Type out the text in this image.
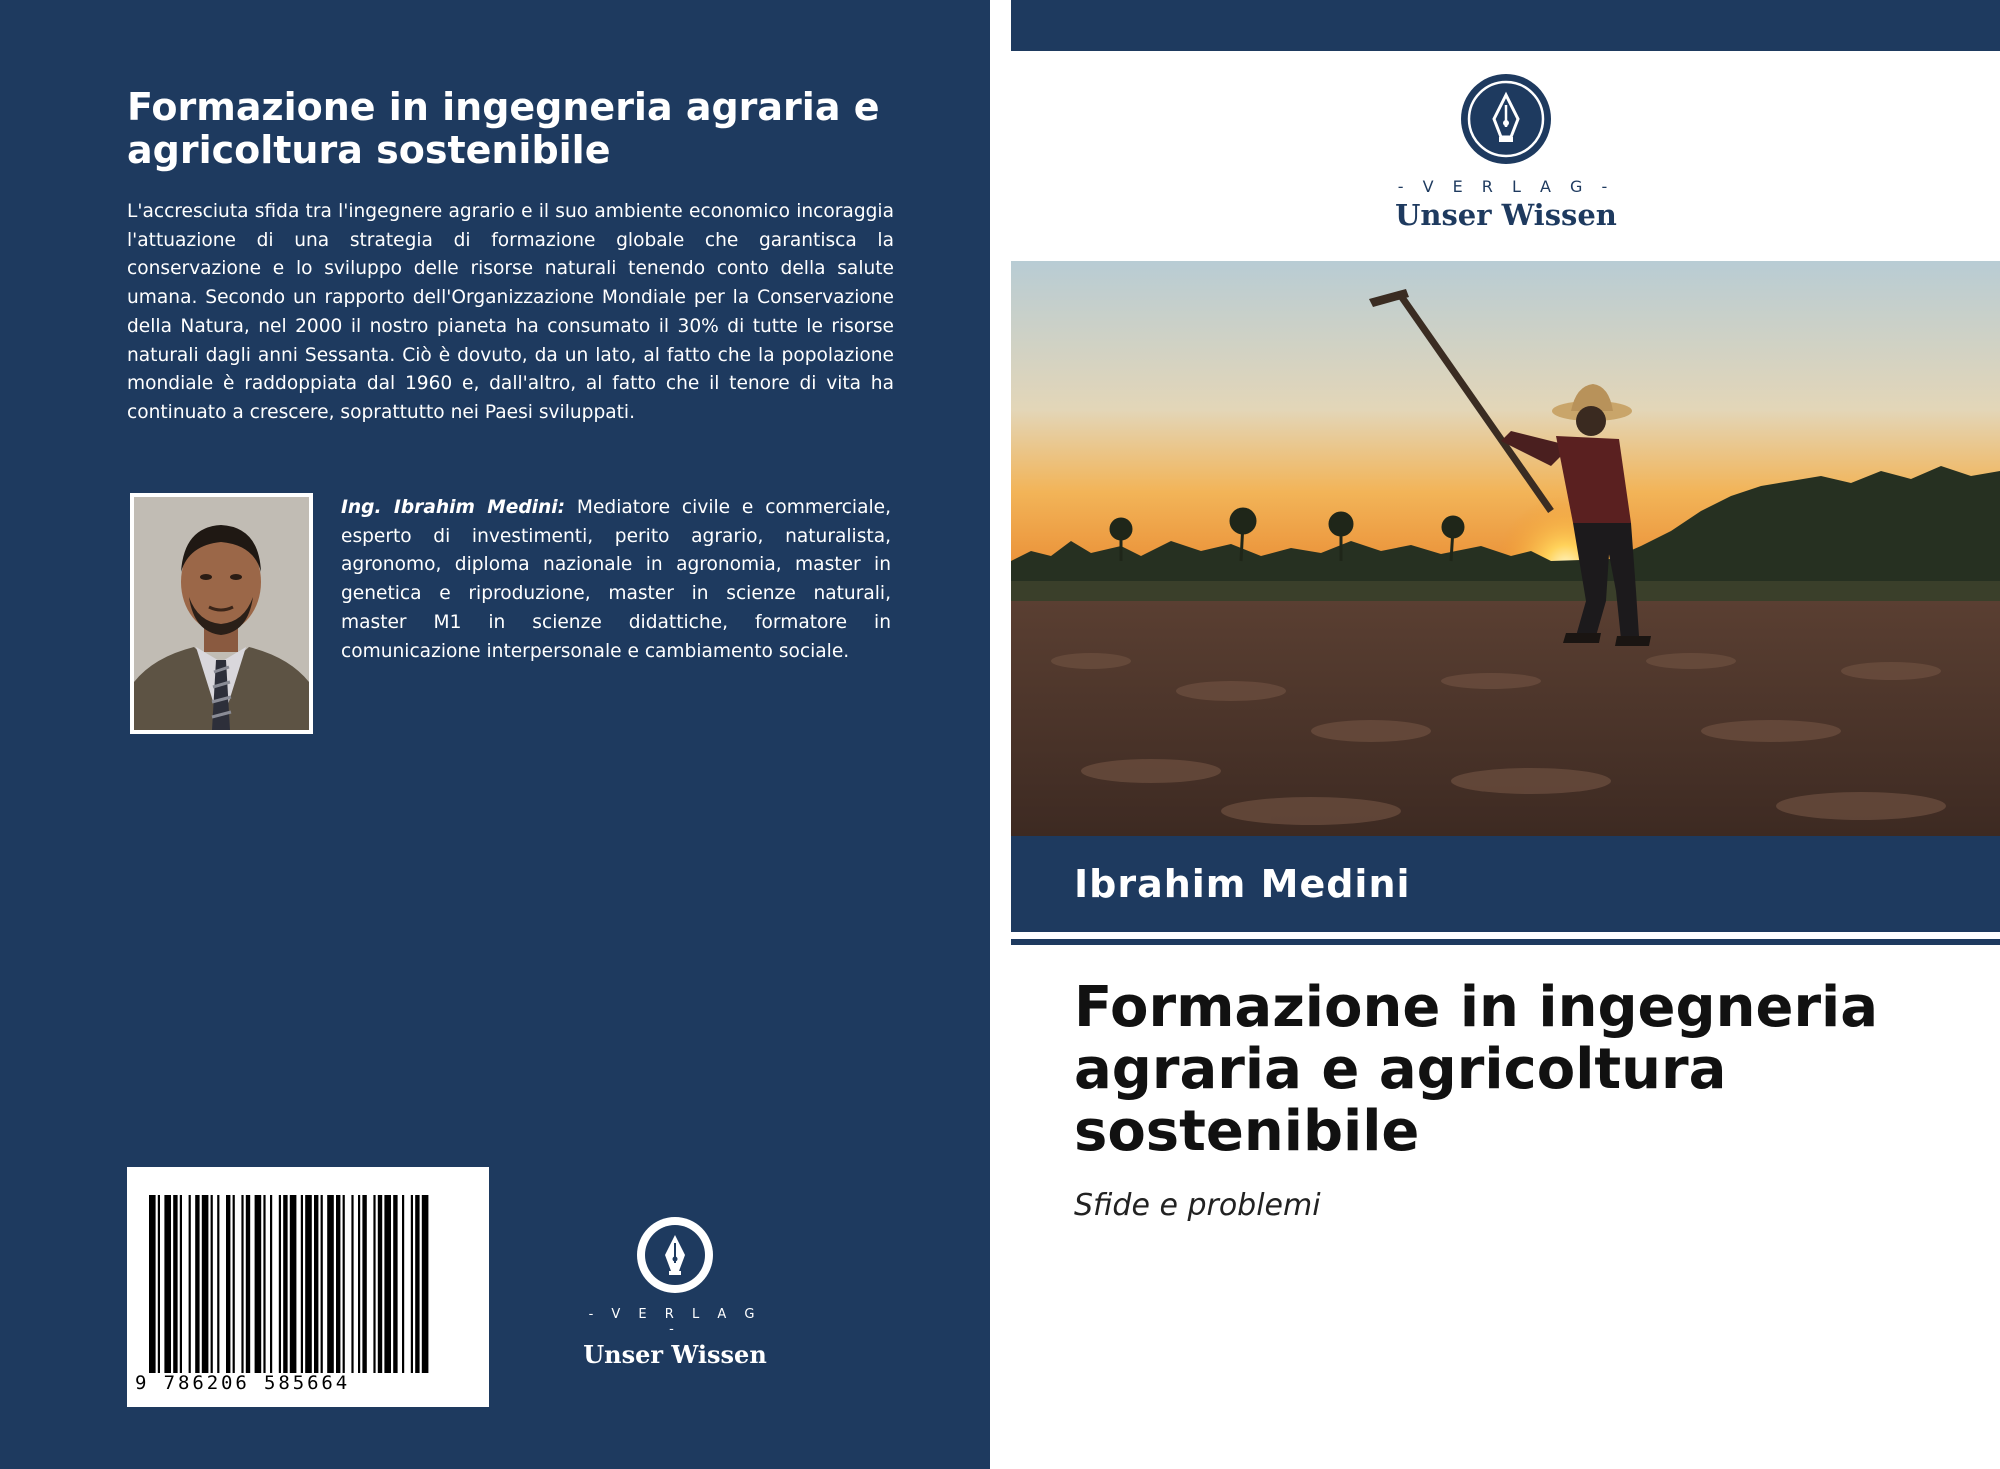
Formazione in ingegneria agraria e agricoltura sostenibile

L'accresciuta sfida tra l'ingegnere agrario e il suo ambiente economico incoraggia l'attuazione di una strategia di formazione globale che garantisca la conservazione e lo sviluppo delle risorse naturali tenendo conto della salute umana. Secondo un rapporto dell'Organizzazione Mondiale per la Conservazione della Natura, nel 2000 il nostro pianeta ha consumato il 30% di tutte le risorse naturali dagli anni Sessanta. Ciò è dovuto, da un lato, al fatto che la popolazione mondiale è raddoppiata dal 1960 e, dall'altro, al fatto che il tenore di vita ha continuato a crescere, soprattutto nei Paesi sviluppati.

Ing. Ibrahim Medini: Mediatore civile e commerciale, esperto di investimenti, perito agrario, naturalista, agronomo, diploma nazionale in agronomia, master in genetica e riproduzione, master in scienze naturali, master M1 in scienze didattiche, formatore in comunicazione interpersonale e cambiamento sociale.

9 786206 585664
- V E R L A G -
Unser Wissen
- V E R L A G -
Unser Wissen
Ibrahim Medini
Formazione in ingegneria agraria e agricoltura sostenibile
Sfide e problemi
